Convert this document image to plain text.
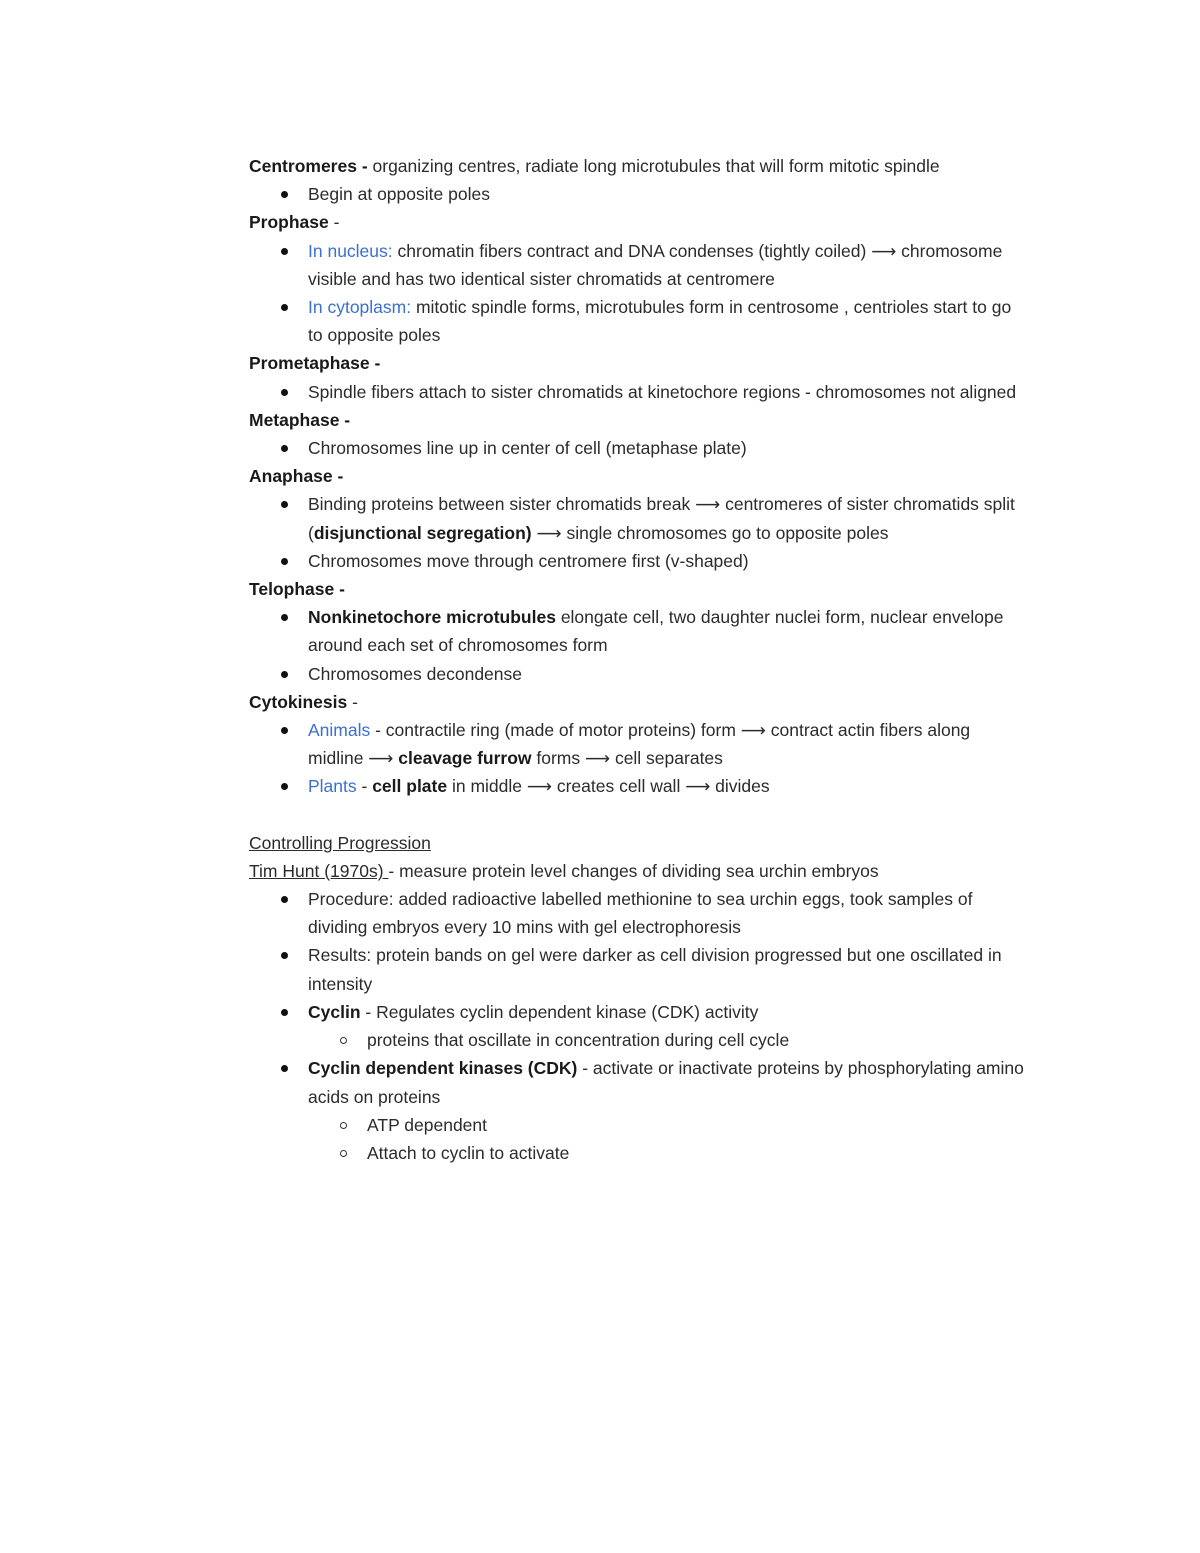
Centromeres - organizing centres, radiate long microtubules that will form mitotic spindle

Begin at opposite poles

Prophase -

In nucleus: chromatin fibers contract and DNA condenses (tightly coiled) ⟶ chromosome visible and has two identical sister chromatids at centromere
In cytoplasm: mitotic spindle forms, microtubules form in centrosome , centrioles start to go to opposite poles

Prometaphase -

Spindle fibers attach to sister chromatids at kinetochore regions - chromosomes not aligned

Metaphase -

Chromosomes line up in center of cell (metaphase plate)

Anaphase -

Binding proteins between sister chromatids break ⟶ centromeres of sister chromatids split (disjunctional segregation) ⟶ single chromosomes go to opposite poles
Chromosomes move through centromere first (v-shaped)

Telophase -

Nonkinetochore microtubules elongate cell, two daughter nuclei form, nuclear envelope around each set of chromosomes form
Chromosomes decondense

Cytokinesis -

Animals - contractile ring (made of motor proteins) form ⟶ contract actin fibers along midline ⟶ cleavage furrow forms ⟶ cell separates
Plants - cell plate in middle ⟶ creates cell wall ⟶ divides

Controlling Progression

Tim Hunt (1970s) - measure protein level changes of dividing sea urchin embryos

Procedure: added radioactive labelled methionine to sea urchin eggs, took samples of dividing embryos every 10 mins with gel electrophoresis
Results: protein bands on gel were darker as cell division progressed but one oscillated in intensity
Cyclin - Regulates cyclin dependent kinase (CDK) activity
proteins that oscillate in concentration during cell cycle
Cyclin dependent kinases (CDK) - activate or inactivate proteins by phosphorylating amino acids on proteins
ATP dependent
Attach to cyclin to activate
